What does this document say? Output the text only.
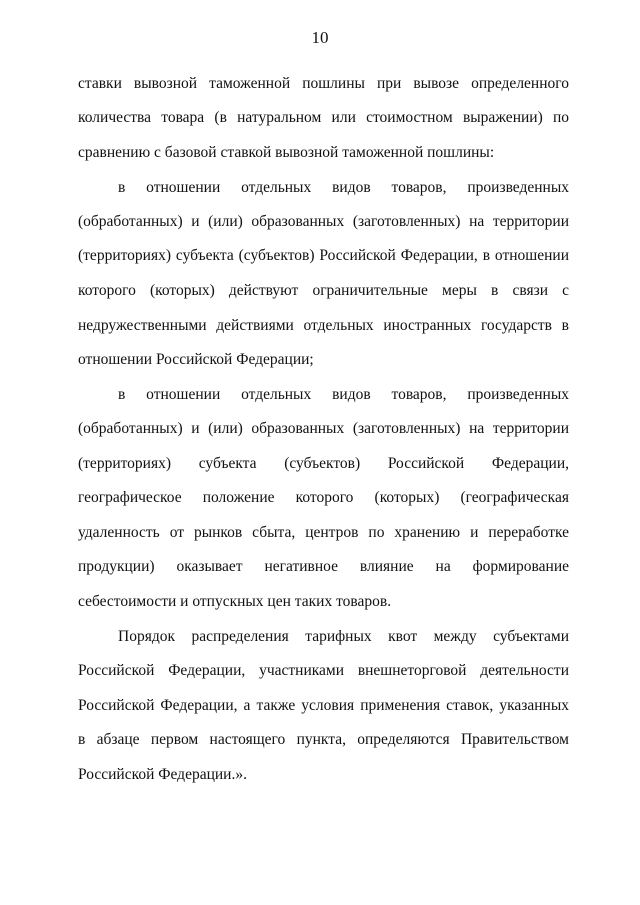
10
ставки вывозной таможенной пошлины при вывозе определенного
количества товара (в натуральном или стоимостном выражении) по
сравнению с базовой ставкой вывозной таможенной пошлины:
в отношении отдельных видов товаров, произведенных
(обработанных) и (или) образованных (заготовленных) на территории
(территориях) субъекта (субъектов) Российской Федерации, в отношении
которого (которых) действуют ограничительные меры в связи с
недружественными действиями отдельных иностранных государств в
отношении Российской Федерации;
в отношении отдельных видов товаров, произведенных
(обработанных) и (или) образованных (заготовленных) на территории
(территориях) субъекта (субъектов) Российской Федерации,
географическое положение которого (которых) (географическая
удаленность от рынков сбыта, центров по хранению и переработке
продукции) оказывает негативное влияние на формирование
себестоимости и отпускных цен таких товаров.
Порядок распределения тарифных квот между субъектами
Российской Федерации, участниками внешнеторговой деятельности
Российской Федерации, а также условия применения ставок, указанных
в абзаце первом настоящего пункта, определяются Правительством
Российской Федерации.».
